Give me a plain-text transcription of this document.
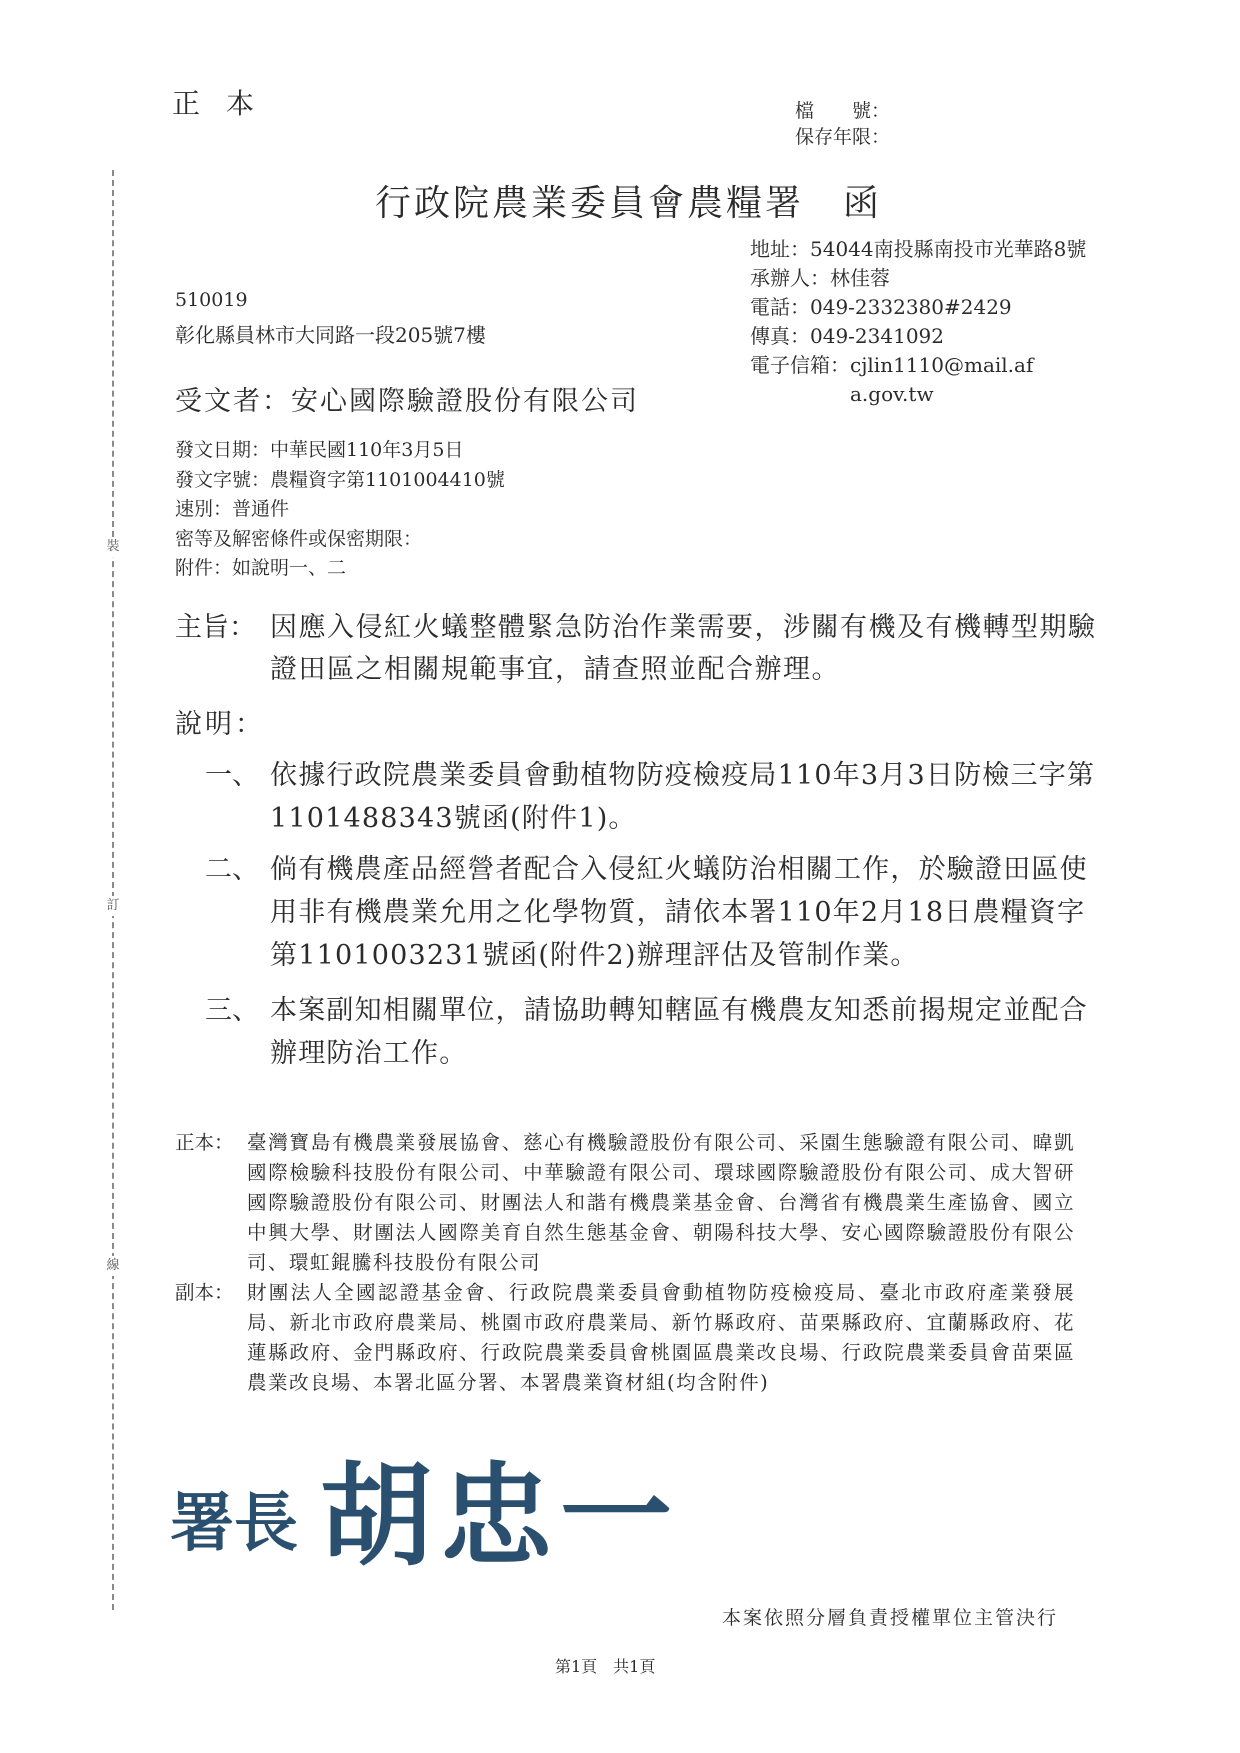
裝
訂
線
正本	檔　　號：
保存年限：
行政院農業委員會農糧署　函
地址： 54044南投縣南投市光華路8號
承辦人： 林佳蓉
電話： 049-2332380#2429
傳真： 049-2341092
電子信箱： cjlin1110@mail.afa.gov.tw
510019
彰化縣員林市大同路一段205號7樓
受文者：安心國際驗證股份有限公司
發文日期：中華民國110年3月5日
發文字號：農糧資字第1101004410號
速別：普通件
密等及解密條件或保密期限：
附件：如說明一、二
主旨： 因應入侵紅火蟻整體緊急防治作業需要，涉關有機及有機轉型期驗證田區之相關規範事宜，請查照並配合辦理。
說明：
一、 依據行政院農業委員會動植物防疫檢疫局110年3月3日防檢三字第1101488343號函(附件1)。
二、 倘有機農產品經營者配合入侵紅火蟻防治相關工作，於驗證田區使用非有機農業允用之化學物質，請依本署110年2月18日農糧資字第1101003231號函(附件2)辦理評估及管制作業。
三、 本案副知相關單位，請協助轉知轄區有機農友知悉前揭規定並配合辦理防治工作。
正本： 臺灣寶島有機農業發展協會、慈心有機驗證股份有限公司、采園生態驗證有限公司、暐凱國際檢驗科技股份有限公司、中華驗證有限公司、環球國際驗證股份有限公司、成大智研國際驗證股份有限公司、財團法人和諧有機農業基金會、台灣省有機農業生產協會、國立中興大學、財團法人國際美育自然生態基金會、朝陽科技大學、安心國際驗證股份有限公司、環虹錕騰科技股份有限公司
副本： 財團法人全國認證基金會、行政院農業委員會動植物防疫檢疫局、臺北市政府產業發展局、新北市政府農業局、桃園市政府農業局、新竹縣政府、苗栗縣政府、宜蘭縣政府、花蓮縣政府、金門縣政府、行政院農業委員會桃園區農業改良場、行政院農業委員會苗栗區農業改良場、本署北區分署、本署農業資材組(均含附件)
署長 胡忠一
本案依照分層負責授權單位主管決行
第1頁　共1頁
